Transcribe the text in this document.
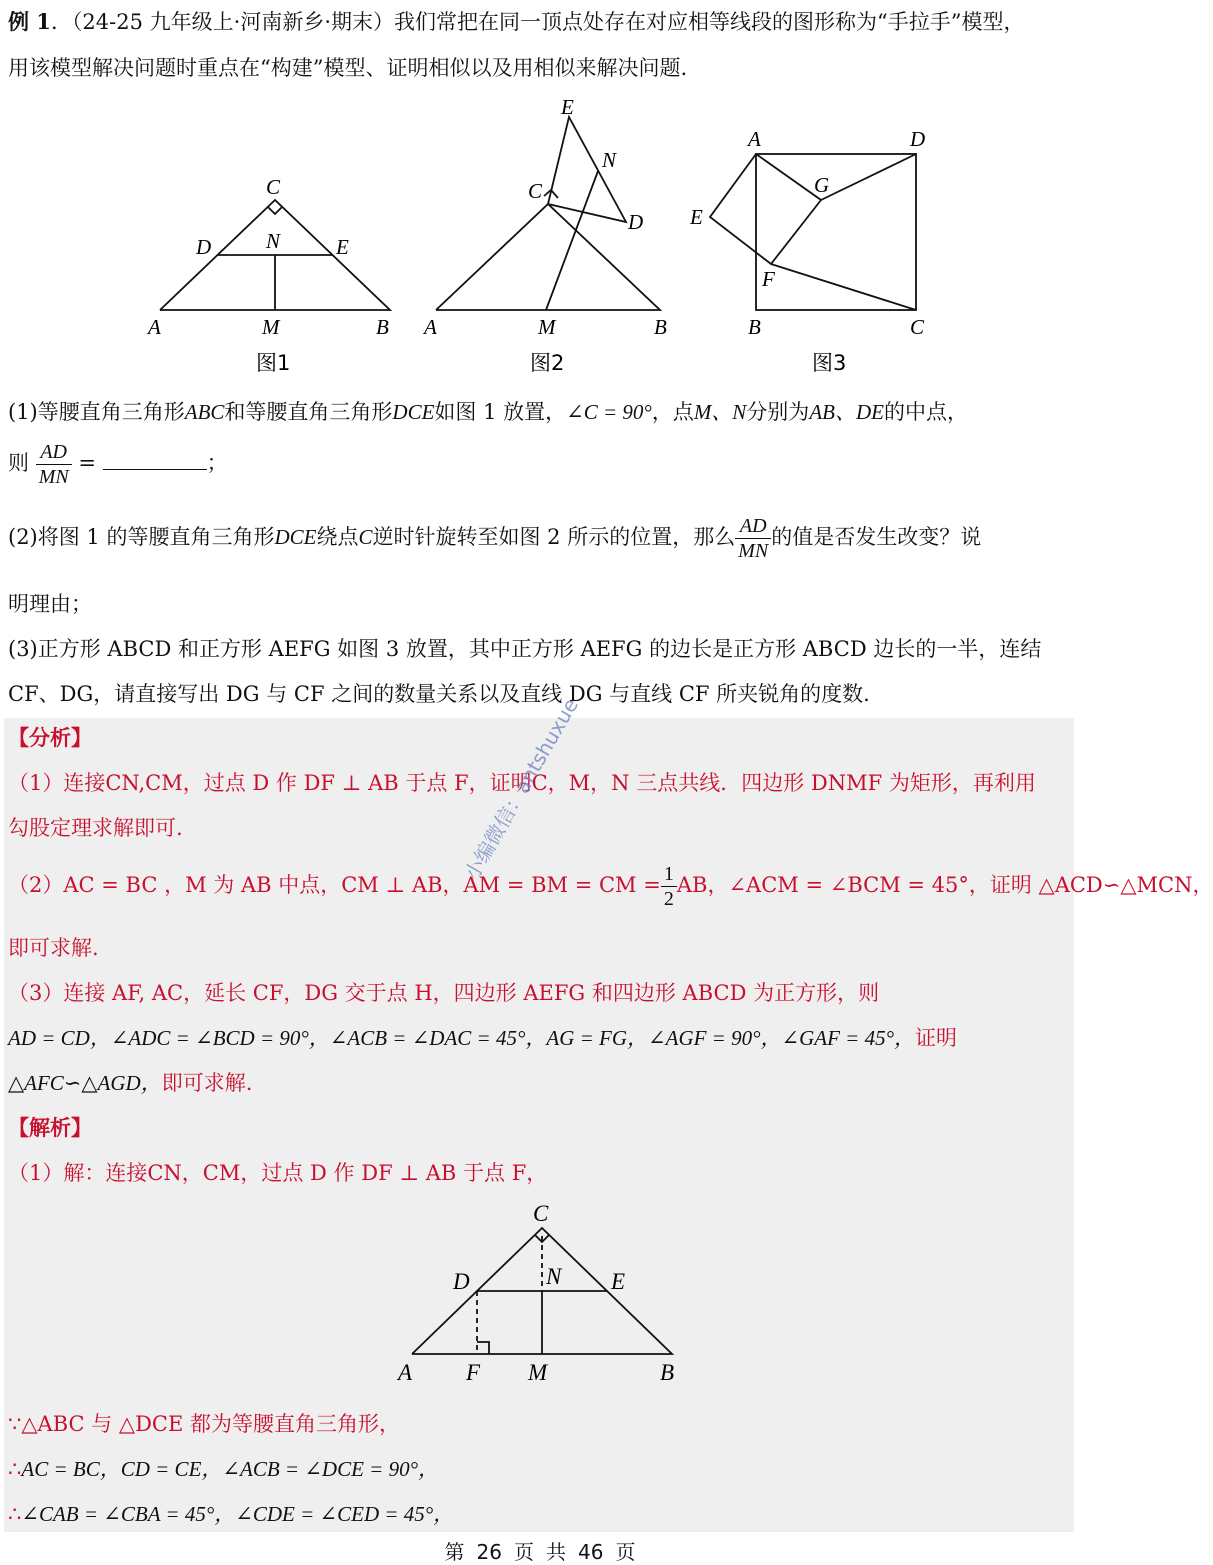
例 1．（24-25 九年级上·河南新乡·期末）我们常把在同一顶点处存在对应相等线段的图形称为“手拉手”模型，
用该模型解决问题时重点在“构建”模型、证明相似以及用相似来解决问题.
A	B
C
D	E
M
N
图1
A	B
C
D
E
M
N
图2
A
B	C
D
E
F
G
图3
(1)等腰直角三角形ABC和等腰直角三角形DCE如图 1 放置，∠C = 90°，点M、N分别为AB、DE的中点，
则 $\frac{AD}{MN}$ =	；
(2)将图 1 的等腰直角三角形DCE绕点C逆时针旋转至如图 2 所示的位置，那么 $\frac{AD}{MN}$ 的值是否发生改变？说
明理由；
(3)正方形 ABCD 和正方形 AEFG 如图 3 放置，其中正方形 AEFG 的边长是正方形 ABCD 边长的一半，连结
CF、DG，请直接写出 DG 与 CF 之间的数量关系以及直线 DG 与直线 CF 所夹锐角的度数.
【分析】
（1）连接CN,CM，过点 D 作 DF ⊥ AB 于点 F，证明C，M，N 三点共线．四边形 DNMF 为矩形，再利用
勾股定理求解即可.
（2）AC = BC ，M 为 AB 中点，CM ⊥ AB，AM = BM = CM = $\frac{1}{2}$ AB，∠ACM = ∠BCM = 45°，证明 △ACD∽△MCN，
即可求解.
（3）连接 AF, AC，延长 CF，DG 交于点 H，四边形 AEFG 和四边形 ABCD 为正方形，则
AD = CD，∠ADC = ∠BCD = 90°，∠ACB = ∠DAC = 45°，AG = FG，∠AGF = 90°，∠GAF = 45°，证明
△AFC∽△AGD，即可求解.
【解析】
（1）解：连接CN，CM，过点 D 作 DF ⊥ AB 于点 F，
A	B
C
D	E
F M
N
∵△ABC 与 △DCE 都为等腰直角三角形，
∴AC = BC，CD = CE，∠ACB = ∠DCE = 90°，
∴∠CAB = ∠CBA = 45°，∠CDE = ∠CED = 45°，
小编微信：antshuxue
第 26 页 共 46 页
